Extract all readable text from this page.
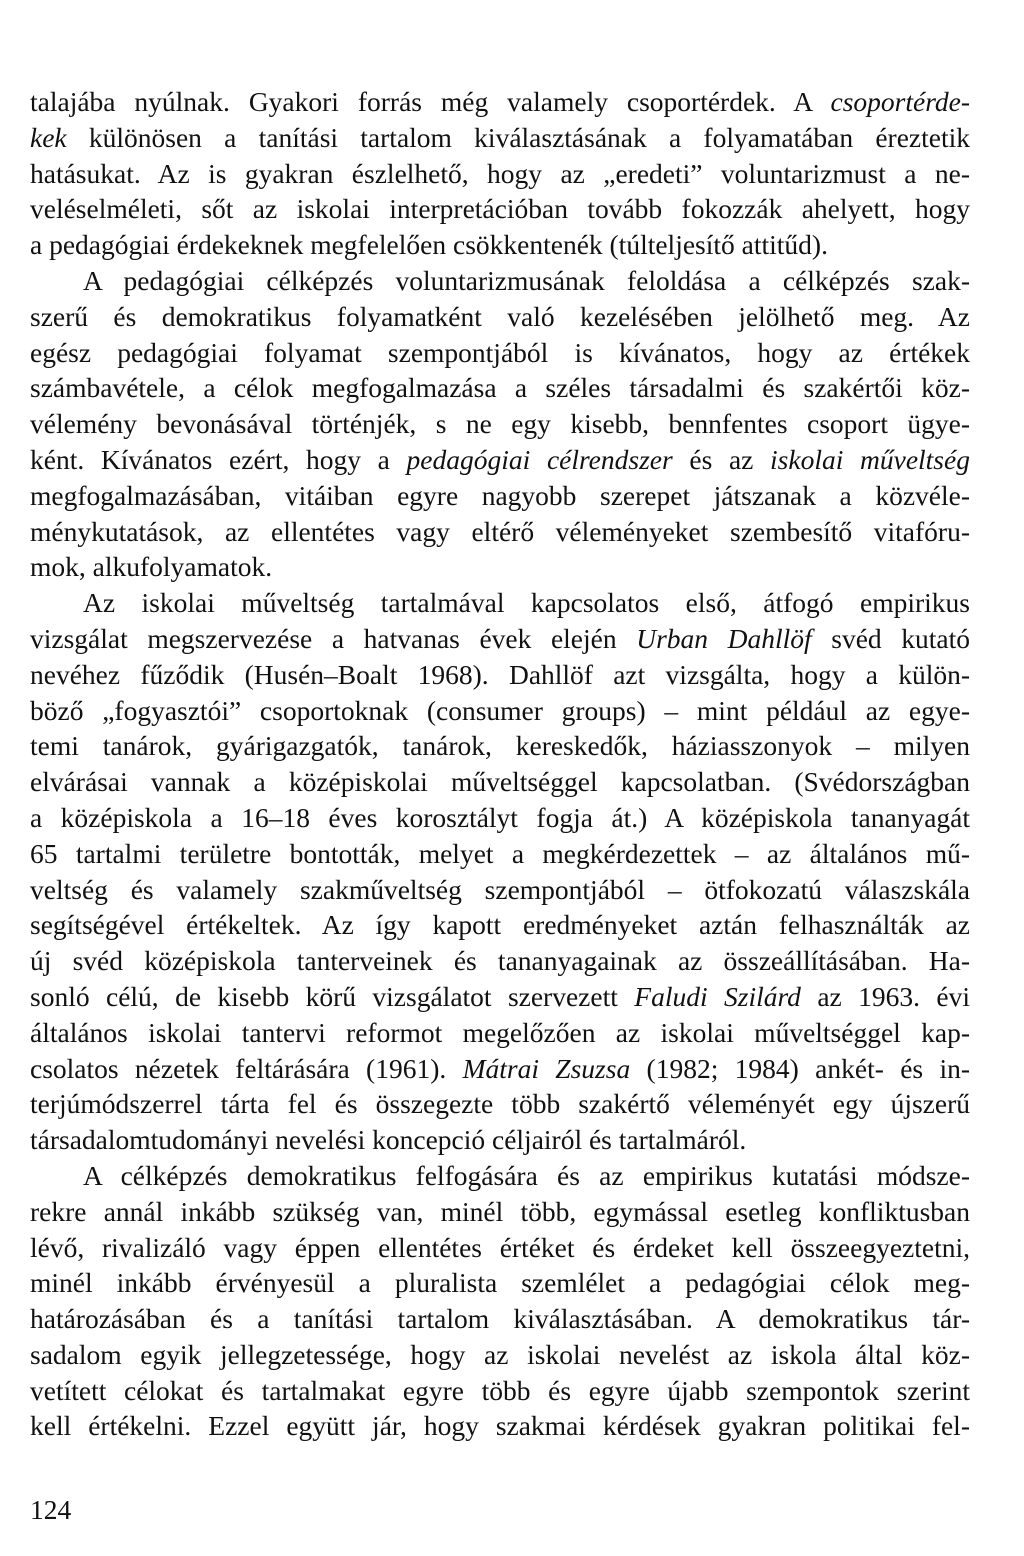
talajába nyúlnak. Gyakori forrás még valamely csoportérdek. A csoportérde-
kek különösen a tanítási tartalom kiválasztásának a folyamatában éreztetik
hatásukat. Az is gyakran észlelhető, hogy az „eredeti” voluntarizmust a ne-
veléselméleti, sőt az iskolai interpretációban tovább fokozzák ahelyett, hogy
a pedagógiai érdekeknek megfelelően csökkentenék (túlteljesítő attitűd).
A pedagógiai célképzés voluntarizmusának feloldása a célképzés szak-
szerű és demokratikus folyamatként való kezelésében jelölhető meg. Az
egész pedagógiai folyamat szempontjából is kívánatos, hogy az értékek
számbavétele, a célok megfogalmazása a széles társadalmi és szakértői köz-
vélemény bevonásával történjék, s ne egy kisebb, bennfentes csoport ügye-
ként. Kívánatos ezért, hogy a pedagógiai célrendszer és az iskolai műveltség
megfogalmazásában, vitáiban egyre nagyobb szerepet játszanak a közvéle-
ménykutatások, az ellentétes vagy eltérő véleményeket szembesítő vitafóru-
mok, alkufolyamatok.
Az iskolai műveltség tartalmával kapcsolatos első, átfogó empirikus
vizsgálat megszervezése a hatvanas évek elején Urban Dahllöf svéd kutató
nevéhez fűződik (Husén–Boalt 1968). Dahllöf azt vizsgálta, hogy a külön-
böző „fogyasztói” csoportoknak (consumer groups) – mint például az egye-
temi tanárok, gyárigazgatók, tanárok, kereskedők, háziasszonyok – milyen
elvárásai vannak a középiskolai műveltséggel kapcsolatban. (Svédországban
a középiskola a 16–18 éves korosztályt fogja át.) A középiskola tananyagát
65 tartalmi területre bontották, melyet a megkérdezettek – az általános mű-
veltség és valamely szakműveltség szempontjából – ötfokozatú válaszskála
segítségével értékeltek. Az így kapott eredményeket aztán felhasználták az
új svéd középiskola tanterveinek és tananyagainak az összeállításában. Ha-
sonló célú, de kisebb körű vizsgálatot szervezett Faludi Szilárd az 1963. évi
általános iskolai tantervi reformot megelőzően az iskolai műveltséggel kap-
csolatos nézetek feltárására (1961). Mátrai Zsuzsa (1982; 1984) ankét- és in-
terjúmódszerrel tárta fel és összegezte több szakértő véleményét egy újszerű
társadalomtudományi nevelési koncepció céljairól és tartalmáról.
A célképzés demokratikus felfogására és az empirikus kutatási módsze-
rekre annál inkább szükség van, minél több, egymással esetleg konfliktusban
lévő, rivalizáló vagy éppen ellentétes értéket és érdeket kell összeegyeztetni,
minél inkább érvényesül a pluralista szemlélet a pedagógiai célok meg-
határozásában és a tanítási tartalom kiválasztásában. A demokratikus tár-
sadalom egyik jellegzetessége, hogy az iskolai nevelést az iskola által köz-
vetített célokat és tartalmakat egyre több és egyre újabb szempontok szerint
kell értékelni. Ezzel együtt jár, hogy szakmai kérdések gyakran politikai fel-
124
